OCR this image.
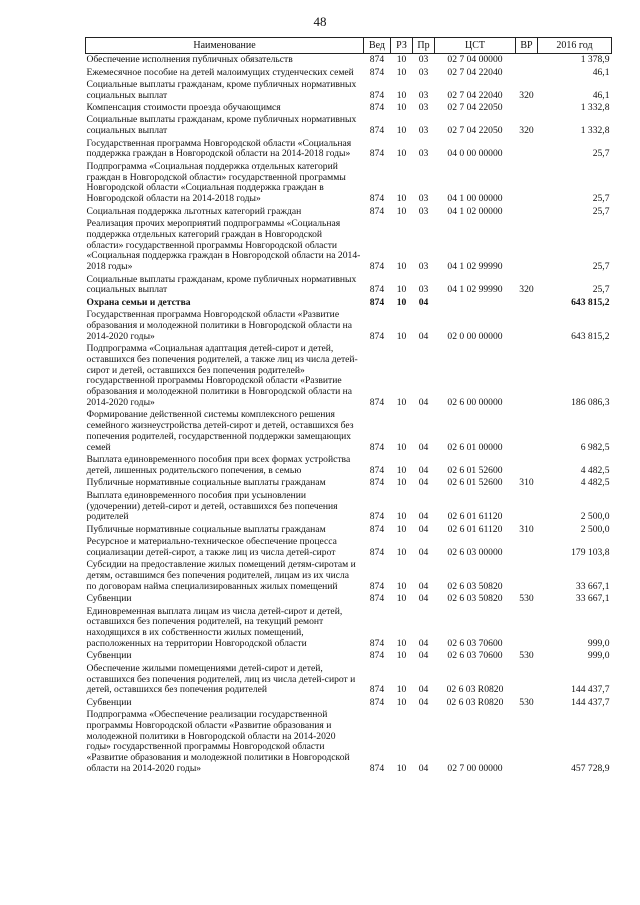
48
Наименование	Вед	РЗ	Пр	ЦСТ	ВР	2016 год
Обеспечение исполнения публичных обязательств	874	10	03	02 7 04 00000		1 378,9
Ежемесячное пособие на детей малоимущих студенческих семей	874	10	03	02 7 04 22040		46,1
Социальные выплаты гражданам, кроме публичных нормативных социальных выплат	874	10	03	02 7 04 22040	320	46,1
Компенсация стоимости проезда обучающимся	874	10	03	02 7 04 22050		1 332,8
Социальные выплаты гражданам, кроме публичных нормативных социальных выплат	874	10	03	02 7 04 22050	320	1 332,8
Государственная программа Новгородской области «Социальная поддержка граждан в Новгородской области на 2014-2018 годы»	874	10	03	04 0 00 00000		25,7
Подпрограмма «Социальная поддержка отдельных категорий граждан в Новгородской области» государственной программы Новгородской области «Социальная поддержка граждан в Новгородской области на 2014-2018 годы»	874	10	03	04 1 00 00000		25,7
Социальная поддержка льготных категорий граждан	874	10	03	04 1 02 00000		25,7
Реализация прочих мероприятий подпрограммы «Социальная поддержка отдельных категорий граждан в Новгородской области» государственной программы Новгородской области «Социальная поддержка граждан в Новгородской области на 2014-2018 годы»	874	10	03	04 1 02 99990		25,7
Социальные выплаты гражданам, кроме публичных нормативных социальных выплат	874	10	03	04 1 02 99990	320	25,7
Охрана семьи и детства	874	10	04			643 815,2
Государственная программа Новгородской области «Развитие образования и молодежной политики в Новгородской области на 2014-2020 годы»	874	10	04	02 0 00 00000		643 815,2
Подпрограмма «Социальная адаптация детей-сирот и детей, оставшихся без попечения родителей, а также лиц из числа детей-сирот и детей, оставшихся без попечения родителей» государственной программы Новгородской области «Развитие образования и молодежной политики в Новгородской области на 2014-2020 годы»	874	10	04	02 6 00 00000		186 086,3
Формирование действенной системы комплексного решения семейного жизнеустройства детей-сирот и детей, оставшихся без попечения родителей, государственной поддержки замещающих семей	874	10	04	02 6 01 00000		6 982,5
Выплата единовременного пособия при всех формах устройства детей, лишенных родительского попечения, в семью	874	10	04	02 6 01 52600		4 482,5
Публичные нормативные социальные выплаты гражданам	874	10	04	02 6 01 52600	310	4 482,5
Выплата единовременного пособия при усыновлении (удочерении) детей-сирот и детей, оставшихся без попечения родителей	874	10	04	02 6 01 61120		2 500,0
Публичные нормативные социальные выплаты гражданам	874	10	04	02 6 01 61120	310	2 500,0
Ресурсное и материально-техническое обеспечение процесса социализации детей-сирот, а также лиц из числа детей-сирот	874	10	04	02 6 03 00000		179 103,8
Субсидии на предоставление жилых помещений детям-сиротам и детям, оставшимся без попечения родителей, лицам из их числа по договорам найма специализированных жилых помещений	874	10	04	02 6 03 50820		33 667,1
Субвенции	874	10	04	02 6 03 50820	530	33 667,1
Единовременная выплата лицам из числа детей-сирот и детей, оставшихся без попечения родителей, на текущий ремонт находящихся в их собственности жилых помещений, расположенных на территории Новгородской области	874	10	04	02 6 03 70600		999,0
Субвенции	874	10	04	02 6 03 70600	530	999,0
Обеспечение жилыми помещениями детей-сирот и детей, оставшихся без попечения родителей, лиц из числа детей-сирот и детей, оставшихся без попечения родителей	874	10	04	02 6 03 R0820		144 437,7
Субвенции	874	10	04	02 6 03 R0820	530	144 437,7
Подпрограмма «Обеспечение реализации государственной программы Новгородской области «Развитие образования и молодежной политики в Новгородской области на 2014-2020 годы» государственной программы Новгородской области «Развитие образования и молодежной политики в Новгородской области на 2014-2020 годы»	874	10	04	02 7 00 00000		457 728,9
